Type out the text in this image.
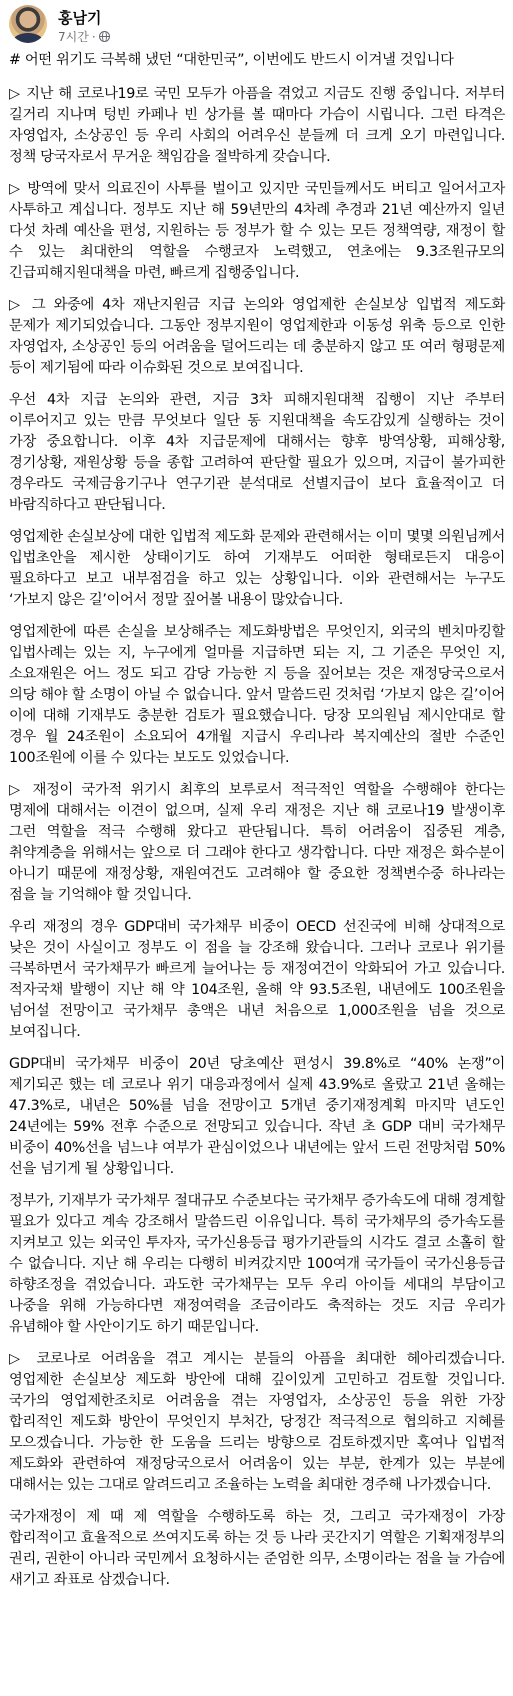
홍남기
7시간 ·

# 어떤 위기도 극복해 냈던 “대한민국”, 이번에도 반드시 이겨낼 것입니다

▷ 지난 해 코로나19로 국민 모두가 아픔을 겪었고 지금도 진행 중입니다. 저부터 길거리 지나며 텅빈 카페나 빈 상가를 볼 때마다 가슴이 시립니다. 그런 타격은 자영업자, 소상공인 등 우리 사회의 어려우신 분들께 더 크게 오기 마련입니다. 정책 당국자로서 무거운 책임감을 절박하게 갖습니다.

▷ 방역에 맞서 의료진이 사투를 벌이고 있지만 국민들께서도 버티고 일어서고자 사투하고 계십니다. 정부도 지난 해 59년만의 4차례 추경과 21년 예산까지 일년 다섯 차례 예산을 편성, 지원하는 등 정부가 할 수 있는 모든 정책역량, 재정이 할 수 있는 최대한의 역할을 수행코자 노력했고, 연초에는 9.3조원규모의 긴급피해지원대책을 마련, 빠르게 집행중입니다.

▷ 그 와중에 4차 재난지원금 지급 논의와 영업제한 손실보상 입법적 제도화 문제가 제기되었습니다. 그동안 정부지원이 영업제한과 이동성 위축 등으로 인한 자영업자, 소상공인 등의 어려움을 덜어드리는 데 충분하지 않고 또 여러 형평문제 등이 제기됨에 따라 이슈화된 것으로 보여집니다.

우선 4차 지급 논의와 관련, 지금 3차 피해지원대책 집행이 지난 주부터 이루어지고 있는 만큼 무엇보다 일단 동 지원대책을 속도감있게 실행하는 것이 가장 중요합니다. 이후 4차 지급문제에 대해서는 향후 방역상황, 피해상황, 경기상황, 재원상황 등을 종합 고려하여 판단할 필요가 있으며, 지급이 불가피한 경우라도 국제금융기구나 연구기관 분석대로 선별지급이 보다 효율적이고 더 바람직하다고 판단됩니다.

영업제한 손실보상에 대한 입법적 제도화 문제와 관련해서는 이미 몇몇 의원님께서 입법초안을 제시한 상태이기도 하여 기재부도 어떠한 형태로든지 대응이 필요하다고 보고 내부점검을 하고 있는 상황입니다. 이와 관련해서는 누구도 ‘가보지 않은 길’이어서 정말 짚어볼 내용이 많았습니다.

영업제한에 따른 손실을 보상해주는 제도화방법은 무엇인지, 외국의 벤치마킹할 입법사례는 있는 지, 누구에게 얼마를 지급하면 되는 지, 그 기준은 무엇인 지, 소요재원은 어느 정도 되고 감당 가능한 지 등을 짚어보는 것은 재정당국으로서 의당 해야 할 소명이 아닐 수 없습니다. 앞서 말씀드린 것처럼 ‘가보지 않은 길’이어 이에 대해 기재부도 충분한 검토가 필요했습니다. 당장 모의원님 제시안대로 할 경우 월 24조원이 소요되어 4개월 지급시 우리나라 복지예산의 절반 수준인 100조원에 이를 수 있다는 보도도 있었습니다.

▷ 재정이 국가적 위기시 최후의 보루로서 적극적인 역할을 수행해야 한다는 명제에 대해서는 이견이 없으며, 실제 우리 재정은 지난 해 코로나19 발생이후 그런 역할을 적극 수행해 왔다고 판단됩니다. 특히 어려움이 집중된 계층, 취약계층을 위해서는 앞으로 더 그래야 한다고 생각합니다. 다만 재정은 화수분이 아니기 때문에 재정상황, 재원여건도 고려해야 할 중요한 정책변수중 하나라는 점을 늘 기억해야 할 것입니다.

우리 재정의 경우 GDP대비 국가채무 비중이 OECD 선진국에 비해 상대적으로 낮은 것이 사실이고 정부도 이 점을 늘 강조해 왔습니다. 그러나 코로나 위기를 극복하면서 국가채무가 빠르게 늘어나는 등 재정여건이 악화되어 가고 있습니다. 적자국채 발행이 지난 해 약 104조원, 올해 약 93.5조원, 내년에도 100조원을 넘어설 전망이고 국가채무 총액은 내년 처음으로 1,000조원을 넘을 것으로 보여집니다.

GDP대비 국가채무 비중이 20년 당초예산 편성시 39.8%로 “40% 논쟁”이 제기되곤 했는 데 코로나 위기 대응과정에서 실제 43.9%로 올랐고 21년 올해는 47.3%로, 내년은 50%를 넘을 전망이고 5개년 중기재정계획 마지막 년도인 24년에는 59% 전후 수준으로 전망되고 있습니다. 작년 초 GDP 대비 국가채무 비중이 40%선을 넘느냐 여부가 관심이었으나 내년에는 앞서 드린 전망처럼 50%선을 넘기게 될 상황입니다.

정부가, 기재부가 국가채무 절대규모 수준보다는 국가채무 증가속도에 대해 경계할 필요가 있다고 계속 강조해서 말씀드린 이유입니다. 특히 국가채무의 증가속도를 지켜보고 있는 외국인 투자자, 국가신용등급 평가기관들의 시각도 결코 소홀히 할 수 없습니다. 지난 해 우리는 다행히 비켜갔지만 100여개 국가들이 국가신용등급 하향조정을 겪었습니다. 과도한 국가채무는 모두 우리 아이들 세대의 부담이고 나중을 위해 가능하다면 재정여력을 조금이라도 축적하는 것도 지금 우리가 유념해야 할 사안이기도 하기 때문입니다.

▷ 코로나로 어려움을 겪고 계시는 분들의 아픔을 최대한 헤아리겠습니다. 영업제한 손실보상 제도화 방안에 대해 깊이있게 고민하고 검토할 것입니다. 국가의 영업제한조치로 어려움을 겪는 자영업자, 소상공인 등을 위한 가장 합리적인 제도화 방안이 무엇인지 부처간, 당정간 적극적으로 협의하고 지혜를 모으겠습니다. 가능한 한 도움을 드리는 방향으로 검토하겠지만 혹여나 입법적 제도화와 관련하여 재정당국으로서 어려움이 있는 부분, 한계가 있는 부분에 대해서는 있는 그대로 알려드리고 조율하는 노력을 최대한 경주해 나가겠습니다.

국가재정이 제 때 제 역할을 수행하도록 하는 것, 그리고 국가재정이 가장 합리적이고 효율적으로 쓰여지도록 하는 것 등 나라 곳간지기 역할은 기획재정부의 권리, 권한이 아니라 국민께서 요청하시는 준엄한 의무, 소명이라는 점을 늘 가슴에 새기고 좌표로 삼겠습니다.
